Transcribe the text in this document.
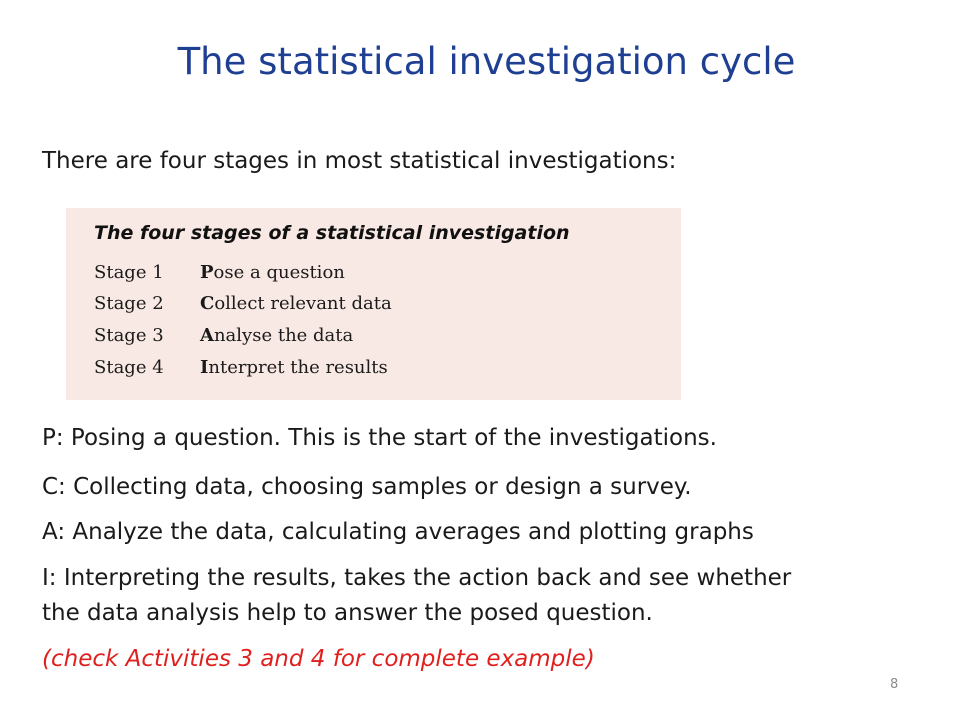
The statistical investigation cycle
There are four stages in most statistical investigations:
The four stages of a statistical investigation
Stage 1 Pose a question
Stage 2 Collect relevant data
Stage 3 Analyse the data
Stage 4 Interpret the results
P: Posing a question. This is the start of the investigations.
C: Collecting data, choosing samples or design a survey.
A: Analyze the data, calculating averages and plotting graphs
I: Interpreting the results, takes the action back and see whether
the data analysis help to answer the posed question.
(check Activities 3 and 4 for complete example)
8
